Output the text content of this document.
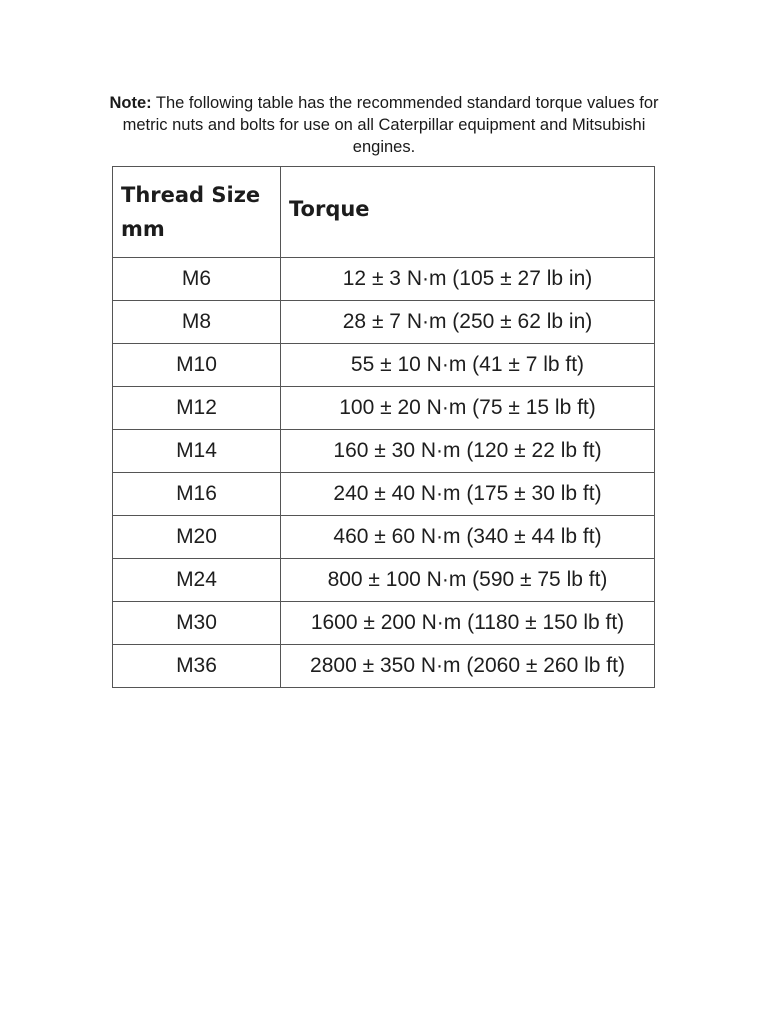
Note: The following table has the recommended standard torque values for metric nuts and bolts for use on all Caterpillar equipment and Mitsubishi engines.
Thread Size mm	Torque
M6	12 ± 3 N·m (105 ± 27 lb in)
M8	28 ± 7 N·m (250 ± 62 lb in)
M10	55 ± 10 N·m (41 ± 7 lb ft)
M12	100 ± 20 N·m (75 ± 15 lb ft)
M14	160 ± 30 N·m (120 ± 22 lb ft)
M16	240 ± 40 N·m (175 ± 30 lb ft)
M20	460 ± 60 N·m (340 ± 44 lb ft)
M24	800 ± 100 N·m (590 ± 75 lb ft)
M30	1600 ± 200 N·m (1180 ± 150 lb ft)
M36	2800 ± 350 N·m (2060 ± 260 lb ft)
